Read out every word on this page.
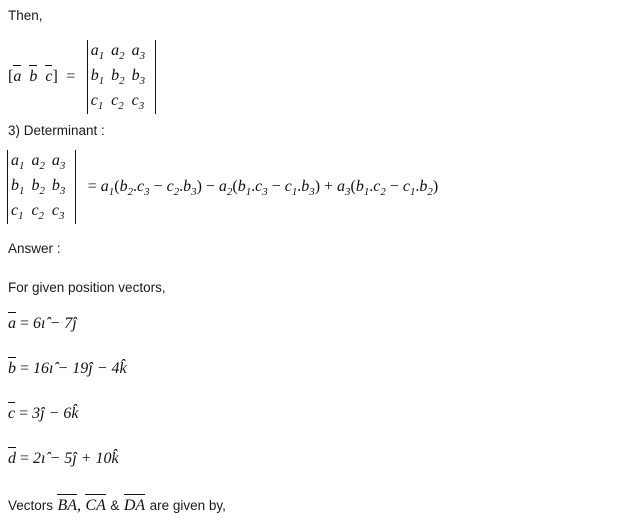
Then,
[a b c] =
$a_1$	$a_2$	$a_3$
$b_1$	$b_2$	$b_3$
$c_1$	$c_2$	$c_3$
3) Determinant :
$a_1$	$a_2$	$a_3$
$b_1$	$b_2$	$b_3$
$c_1$	$c_2$	$c_3$
= $a_1(b_2.c_3 - c_2.b_3) - a_2(b_1.c_3 - c_1.b_3) + a_3(b_1.c_2 - c_1.b_2)$
Answer :
For given position vectors,
a = 6ı̂ − 7ĵ
b = 16ı̂ − 19ĵ − 4k̂
c = 3ĵ − 6k̂
d = 2ı̂ − 5ĵ + 10k̂
Vectors BA, CA & DA are given by,
